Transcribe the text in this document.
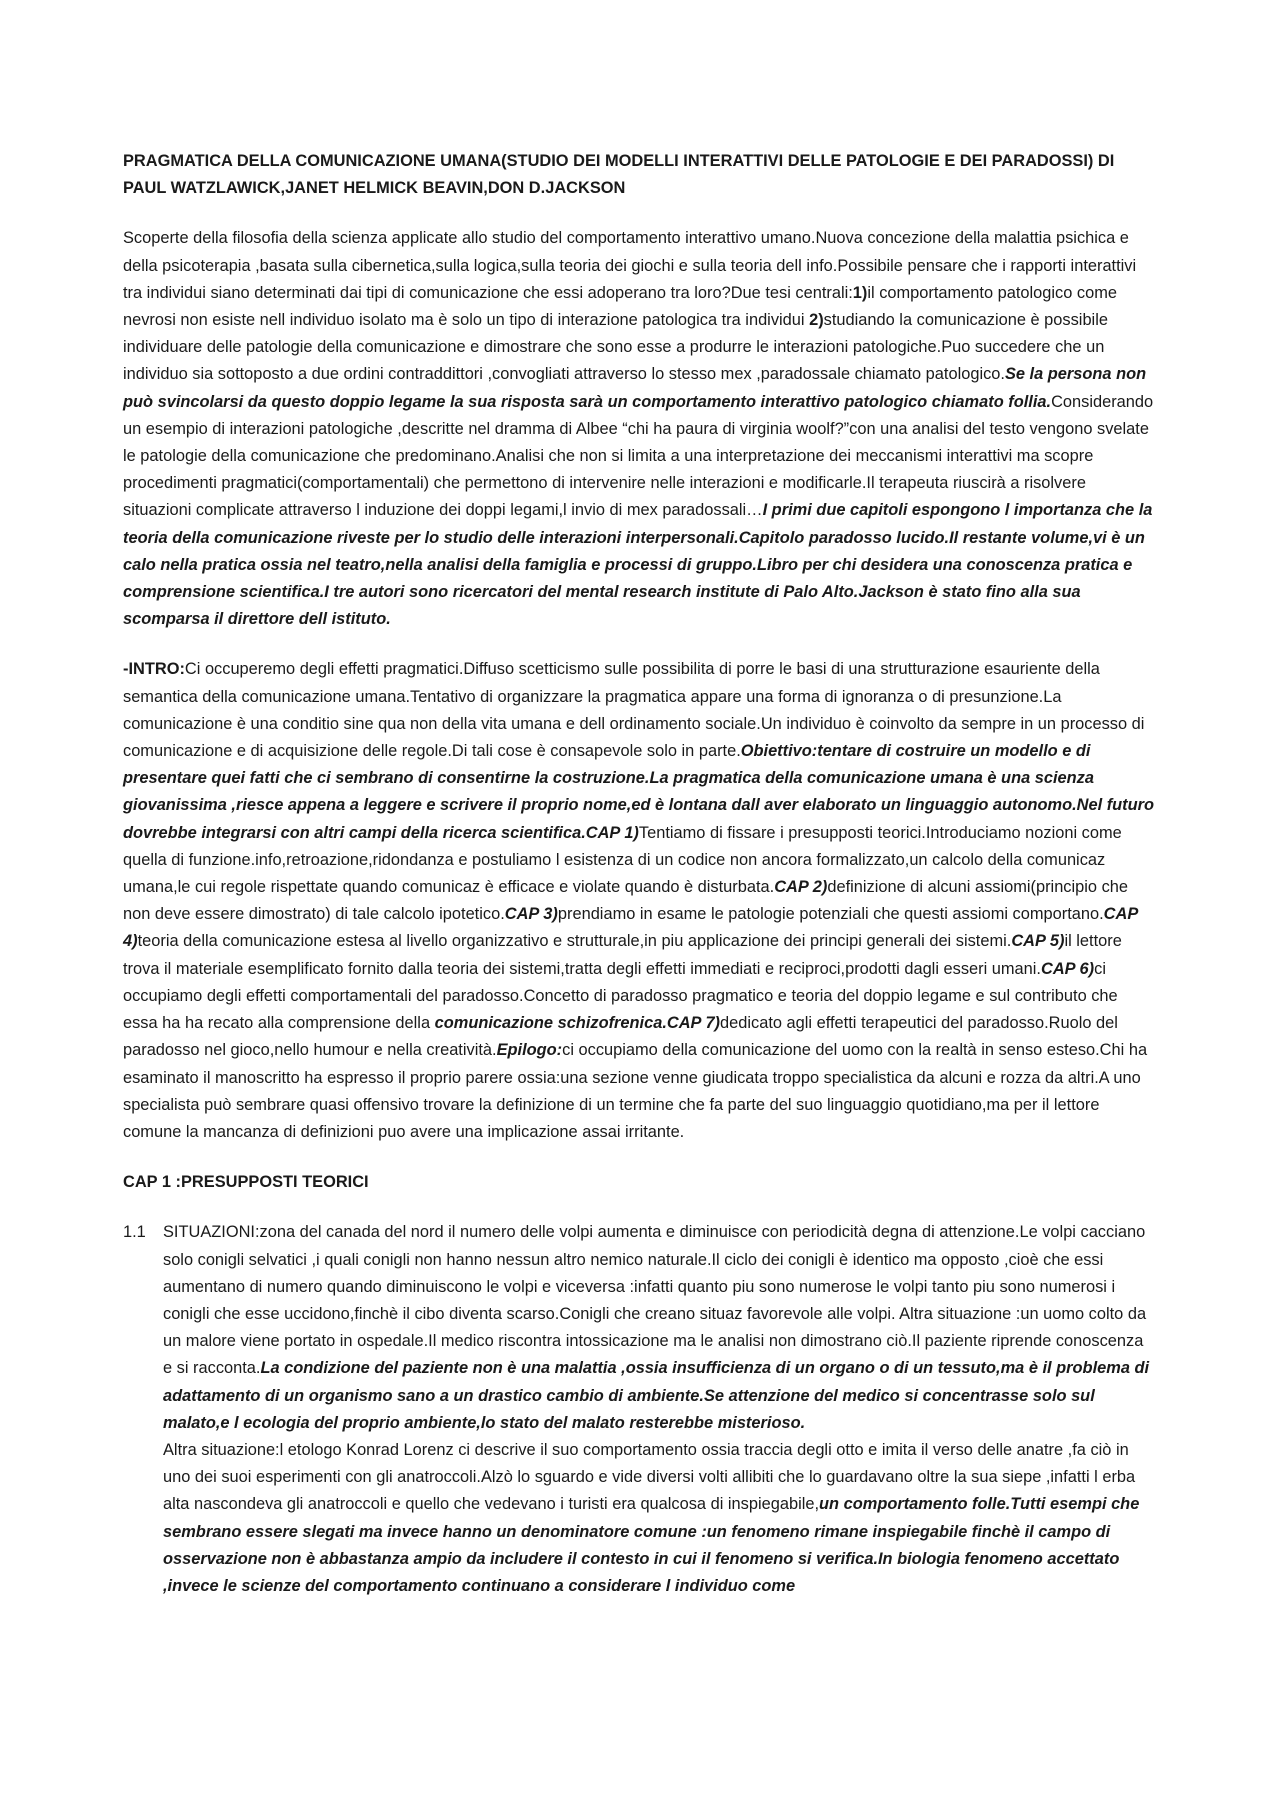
PRAGMATICA DELLA COMUNICAZIONE UMANA(STUDIO DEI MODELLI INTERATTIVI DELLE PATOLOGIE E DEI PARADOSSI) DI PAUL WATZLAWICK,JANET HELMICK BEAVIN,DON D.JACKSON

Scoperte della filosofia della scienza applicate allo studio del comportamento interattivo umano.Nuova concezione della malattia psichica e della psicoterapia ,basata sulla cibernetica,sulla logica,sulla teoria dei giochi e sulla teoria dell info.Possibile pensare che i rapporti interattivi tra individui siano determinati dai tipi di comunicazione che essi adoperano tra loro?Due tesi centrali:1)il comportamento patologico come nevrosi non esiste nell individuo isolato ma è solo un tipo di interazione patologica tra individui 2)studiando la comunicazione è possibile individuare delle patologie della comunicazione e dimostrare che sono esse a produrre le interazioni patologiche.Puo succedere che un individuo sia sottoposto a due ordini contraddittori ,convogliati attraverso lo stesso mex ,paradossale chiamato patologico.Se la persona non può svincolarsi da questo doppio legame la sua risposta sarà un comportamento interattivo patologico chiamato follia.Considerando un esempio di interazioni patologiche ,descritte nel dramma di Albee “chi ha paura di virginia woolf?”con una analisi del testo vengono svelate le patologie della comunicazione che predominano.Analisi che non si limita a una interpretazione dei meccanismi interattivi ma scopre procedimenti pragmatici(comportamentali) che permettono di intervenire nelle interazioni e modificarle.Il terapeuta riuscirà a risolvere situazioni complicate attraverso l induzione dei doppi legami,l invio di mex paradossali…I primi due capitoli espongono l importanza che la teoria della comunicazione riveste per lo studio delle interazioni interpersonali.Capitolo paradosso lucido.Il restante volume,vi è un calo nella pratica ossia nel teatro,nella analisi della famiglia e processi di gruppo.Libro per chi desidera una conoscenza pratica e comprensione scientifica.I tre autori sono ricercatori del mental research institute di Palo Alto.Jackson è stato fino alla sua scomparsa il direttore dell istituto.

-INTRO:Ci occuperemo degli effetti pragmatici.Diffuso scetticismo sulle possibilita di porre le basi di una strutturazione esauriente della semantica della comunicazione umana.Tentativo di organizzare la pragmatica appare una forma di ignoranza o di presunzione.La comunicazione è una conditio sine qua non della vita umana e dell ordinamento sociale.Un individuo è coinvolto da sempre in un processo di comunicazione e di acquisizione delle regole.Di tali cose è consapevole solo in parte.Obiettivo:tentare di costruire un modello e di presentare quei fatti che ci sembrano di consentirne la costruzione.La pragmatica della comunicazione umana è una scienza giovanissima ,riesce appena a leggere e scrivere il proprio nome,ed è lontana dall aver elaborato un linguaggio autonomo.Nel futuro dovrebbe integrarsi con altri campi della ricerca scientifica.CAP 1)Tentiamo di fissare i presupposti teorici.Introduciamo nozioni come quella di funzione.info,retroazione,ridondanza e postuliamo l esistenza di un codice non ancora formalizzato,un calcolo della comunicaz umana,le cui regole rispettate quando comunicaz è efficace e violate quando è disturbata.CAP 2)definizione di alcuni assiomi(principio che non deve essere dimostrato) di tale calcolo ipotetico.CAP 3)prendiamo in esame le patologie potenziali che questi assiomi comportano.CAP 4)teoria della comunicazione estesa al livello organizzativo e strutturale,in piu applicazione dei principi generali dei sistemi.CAP 5)il lettore trova il materiale esemplificato fornito dalla teoria dei sistemi,tratta degli effetti immediati e reciproci,prodotti dagli esseri umani.CAP 6)ci occupiamo degli effetti comportamentali del paradosso.Concetto di paradosso pragmatico e teoria del doppio legame e sul contributo che essa ha ha recato alla comprensione della comunicazione schizofrenica.CAP 7)dedicato agli effetti terapeutici del paradosso.Ruolo del paradosso nel gioco,nello humour e nella creatività.Epilogo:ci occupiamo della comunicazione del uomo con la realtà in senso esteso.Chi ha esaminato il manoscritto ha espresso il proprio parere ossia:una sezione venne giudicata troppo specialistica da alcuni e rozza da altri.A uno specialista può sembrare quasi offensivo trovare la definizione di un termine che fa parte del suo linguaggio quotidiano,ma per il lettore comune la mancanza di definizioni puo avere una implicazione assai irritante.

CAP 1 :PRESUPPOSTI TEORICI
1.1 SITUAZIONI:zona del canada del nord il numero delle volpi aumenta e diminuisce con periodicità degna di attenzione.Le volpi cacciano solo conigli selvatici ,i quali conigli non hanno nessun altro nemico naturale.Il ciclo dei conigli è identico ma opposto ,cioè che essi aumentano di numero quando diminuiscono le volpi e viceversa :infatti quanto piu sono numerose le volpi tanto piu sono numerosi i conigli che esse uccidono,finchè il cibo diventa scarso.Conigli che creano situaz favorevole alle volpi. Altra situazione :un uomo colto da un malore viene portato in ospedale.Il medico riscontra intossicazione ma le analisi non dimostrano ciò.Il paziente riprende conoscenza e si racconta.La condizione del paziente non è una malattia ,ossia insufficienza di un organo o di un tessuto,ma è il problema di adattamento di un organismo sano a un drastico cambio di ambiente.Se attenzione del medico si concentrasse solo sul malato,e l ecologia del proprio ambiente,lo stato del malato resterebbe misterioso.

Altra situazione:l etologo Konrad Lorenz ci descrive il suo comportamento ossia traccia degli otto e imita il verso delle anatre ,fa ciò in uno dei suoi esperimenti con gli anatroccoli.Alzò lo sguardo e vide diversi volti allibiti che lo guardavano oltre la sua siepe ,infatti l erba alta nascondeva gli anatroccoli e quello che vedevano i turisti era qualcosa di inspiegabile,un comportamento folle.Tutti esempi che sembrano essere slegati ma invece hanno un denominatore comune :un fenomeno rimane inspiegabile finchè il campo di osservazione non è abbastanza ampio da includere il contesto in cui il fenomeno si verifica.In biologia fenomeno accettato ,invece le scienze del comportamento continuano a considerare l individuo come
